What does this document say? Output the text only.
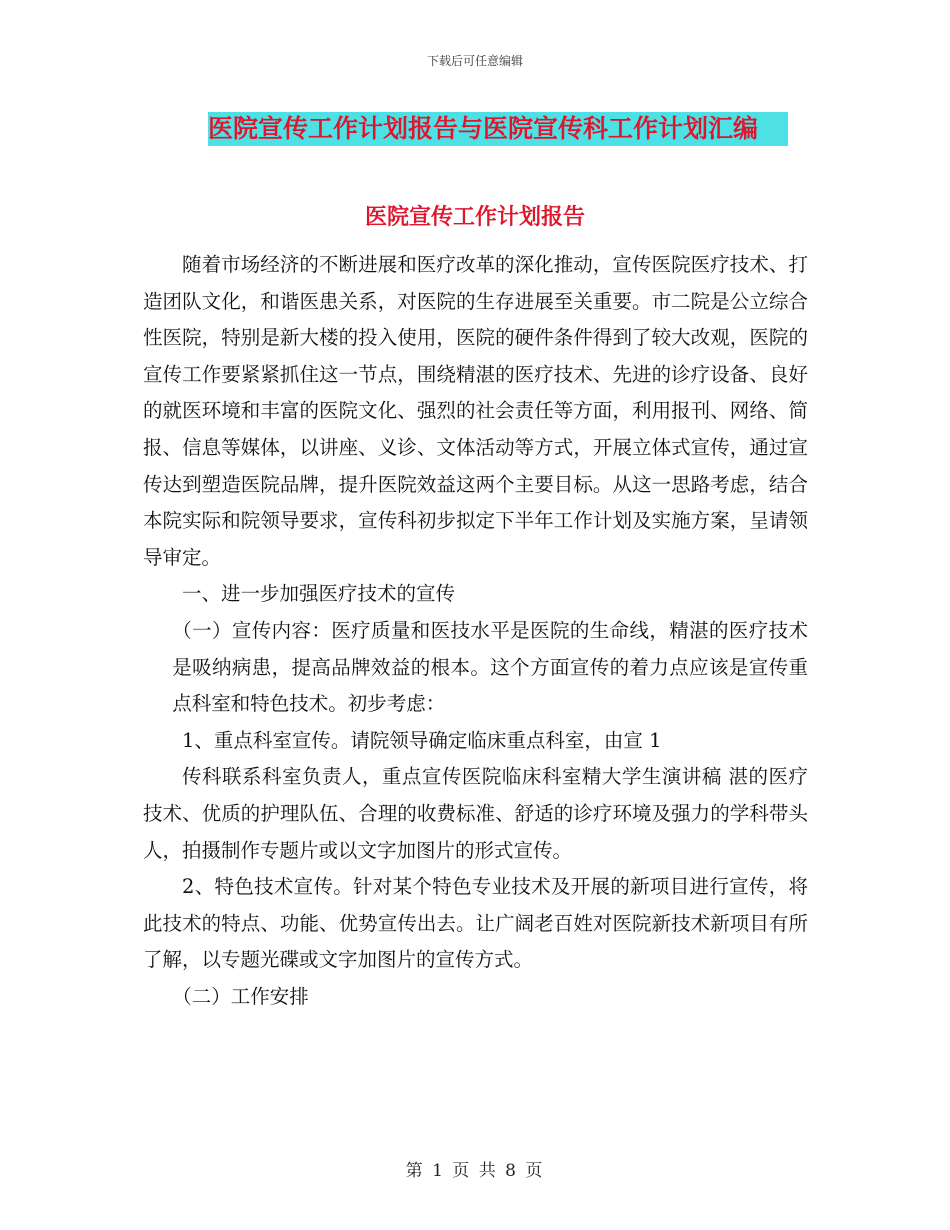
下载后可任意编辑
医院宣传工作计划报告与医院宣传科工作计划汇编
医院宣传工作计划报告

随着市场经济的不断进展和医疗改革的深化推动，宣传医院医疗技术、打造团队文化，和谐医患关系，对医院的生存进展至关重要。市二院是公立综合性医院，特别是新大楼的投入使用，医院的硬件条件得到了较大改观，医院的宣传工作要紧紧抓住这一节点，围绕精湛的医疗技术、先进的诊疗设备、良好的就医环境和丰富的医院文化、强烈的社会责任等方面，利用报刊、网络、简报、信息等媒体，以讲座、义诊、文体活动等方式，开展立体式宣传，通过宣传达到塑造医院品牌，提升医院效益这两个主要目标。从这一思路考虑，结合本院实际和院领导要求，宣传科初步拟定下半年工作计划及实施方案，呈请领导审定。

一、进一步加强医疗技术的宣传

（一）宣传内容：医疗质量和医技水平是医院的生命线，精湛的医疗技术是吸纳病患，提高品牌效益的根本。这个方面宣传的着力点应该是宣传重点科室和特色技术。初步考虑：

1、重点科室宣传。请院领导确定临床重点科室，由宣 1

传科联系科室负责人，重点宣传医院临床科室精大学生演讲稿 湛的医疗技术、优质的护理队伍、合理的收费标准、舒适的诊疗环境及强力的学科带头人，拍摄制作专题片或以文字加图片的形式宣传。

2、特色技术宣传。针对某个特色专业技术及开展的新项目进行宣传，将此技术的特点、功能、优势宣传出去。让广阔老百姓对医院新技术新项目有所了解，以专题光碟或文字加图片的宣传方式。

（二）工作安排

第 1 页 共 8 页
